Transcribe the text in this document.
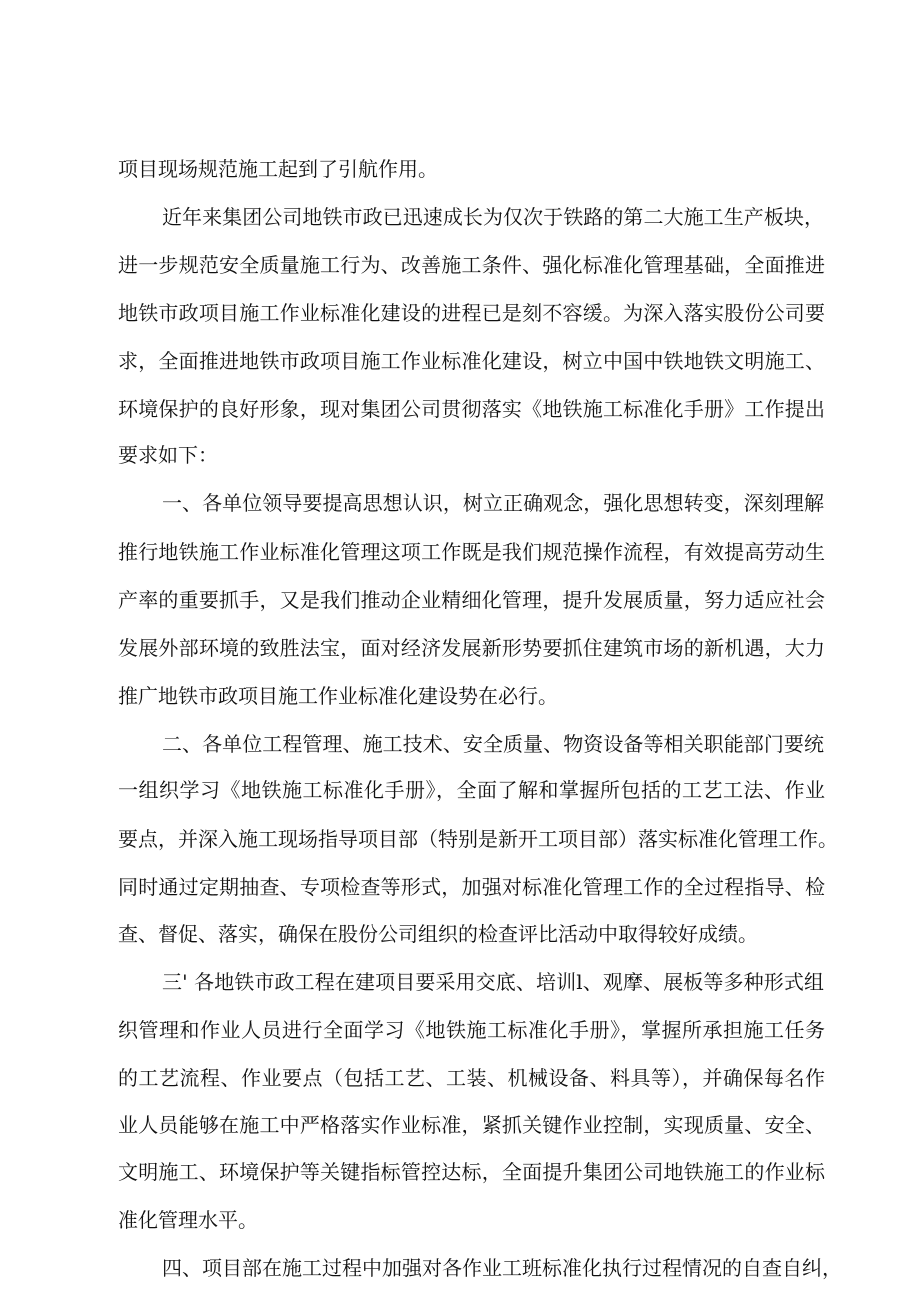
项目现场规范施工起到了引航作用。
近年来集团公司地铁市政已迅速成长为仅次于铁路的第二大施工生产板块，
进一步规范安全质量施工行为、改善施工条件、强化标准化管理基础，全面推进
地铁市政项目施工作业标准化建设的进程已是刻不容缓。为深入落实股份公司要
求，全面推进地铁市政项目施工作业标准化建设，树立中国中铁地铁文明施工、
环境保护的良好形象，现对集团公司贯彻落实《地铁施工标准化手册》工作提出
要求如下：
一、各单位领导要提高思想认识，树立正确观念，强化思想转变，深刻理解
推行地铁施工作业标准化管理这项工作既是我们规范操作流程，有效提高劳动生
产率的重要抓手，又是我们推动企业精细化管理，提升发展质量，努力适应社会
发展外部环境的致胜法宝，面对经济发展新形势要抓住建筑市场的新机遇，大力
推广地铁市政项目施工作业标准化建设势在必行。
二、各单位工程管理、施工技术、安全质量、物资设备等相关职能部门要统
一组织学习《地铁施工标准化手册》，全面了解和掌握所包括的工艺工法、作业
要点，并深入施工现场指导项目部（特别是新开工项目部）落实标准化管理工作。
同时通过定期抽查、专项检查等形式，加强对标准化管理工作的全过程指导、检
查、督促、落实，确保在股份公司组织的检查评比活动中取得较好成绩。
三' 各地铁市政工程在建项目要采用交底、培训l、观摩、展板等多种形式组
织管理和作业人员进行全面学习《地铁施工标准化手册》，掌握所承担施工任务
的工艺流程、作业要点（包括工艺、工装、机械设备、料具等），并确保每名作
业人员能够在施工中严格落实作业标准，紧抓关键作业控制，实现质量、安全、
文明施工、环境保护等关键指标管控达标，全面提升集团公司地铁施工的作业标
准化管理水平。
四、项目部在施工过程中加强对各作业工班标准化执行过程情况的自查自纠，
